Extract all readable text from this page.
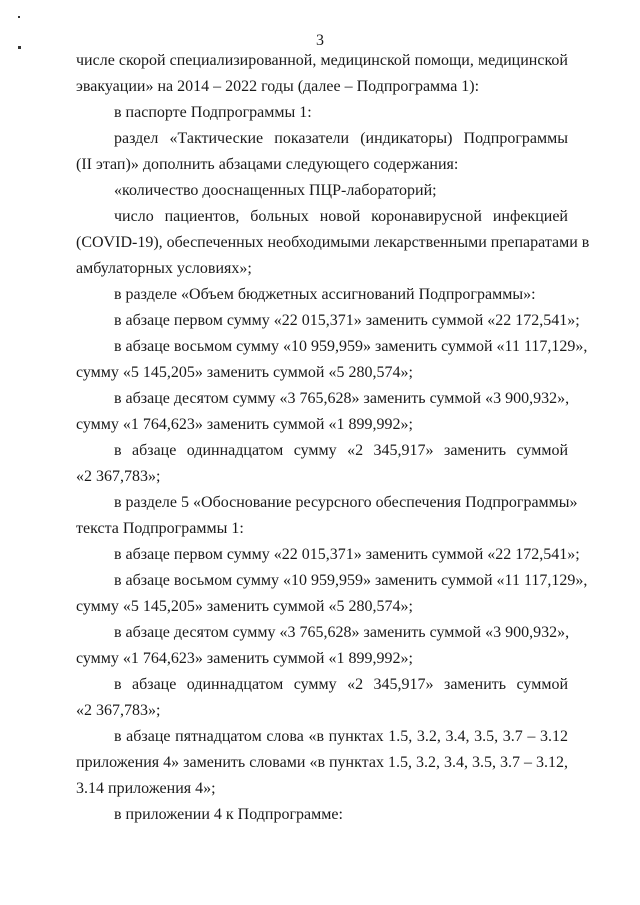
3
числе скорой специализированной, медицинской помощи, медицинской
эвакуации» на 2014 – 2022 годы (далее – Подпрограмма 1):
в паспорте Подпрограммы 1:
раздел «Тактические показатели (индикаторы) Подпрограммы
(II этап)» дополнить абзацами следующего содержания:
«количество дооснащенных ПЦР-лабораторий;
число пациентов, больных новой коронавирусной инфекцией
(COVID-19), обеспеченных необходимыми лекарственными препаратами в
амбулаторных условиях»;
в разделе «Объем бюджетных ассигнований Подпрограммы»:
в абзаце первом сумму «22 015,371» заменить суммой «22 172,541»;
в абзаце восьмом сумму «10 959,959» заменить суммой «11 117,129»,
сумму «5 145,205» заменить суммой «5 280,574»;
в абзаце десятом сумму «3 765,628» заменить суммой «3 900,932»,
сумму «1 764,623» заменить суммой «1 899,992»;
в абзаце одиннадцатом сумму «2 345,917» заменить суммой
«2 367,783»;
в разделе 5 «Обоснование ресурсного обеспечения Подпрограммы»
текста Подпрограммы 1:
в абзаце первом сумму «22 015,371» заменить суммой «22 172,541»;
в абзаце восьмом сумму «10 959,959» заменить суммой «11 117,129»,
сумму «5 145,205» заменить суммой «5 280,574»;
в абзаце десятом сумму «3 765,628» заменить суммой «3 900,932»,
сумму «1 764,623» заменить суммой «1 899,992»;
в абзаце одиннадцатом сумму «2 345,917» заменить суммой
«2 367,783»;
в абзаце пятнадцатом слова «в пунктах 1.5, 3.2, 3.4, 3.5, 3.7 – 3.12
приложения 4» заменить словами «в пунктах 1.5, 3.2, 3.4, 3.5, 3.7 – 3.12,
3.14 приложения 4»;
в приложении 4 к Подпрограмме:
